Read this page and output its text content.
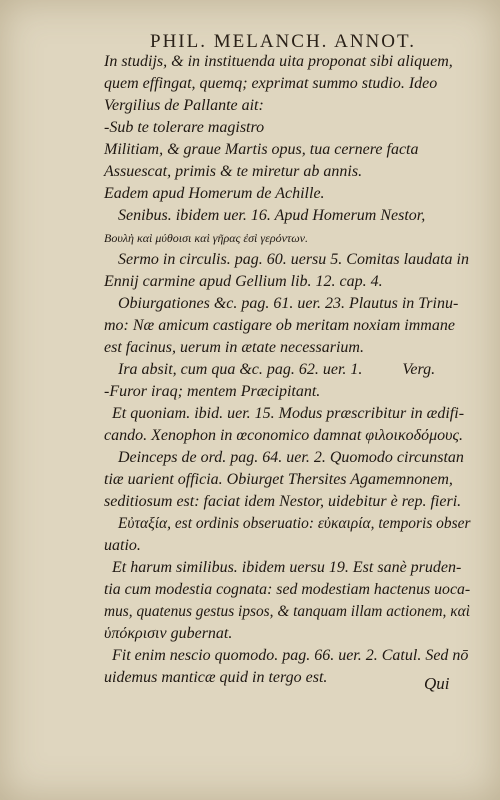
PHIL. MELANCH. ANNOT.
In studijs, & in instituenda uita proponat sibi aliquem,
quem effingat, quemq; exprimat summo studio. Ideo
Vergilius de Pallante ait:
-Sub te tolerare magistro
Militiam, & graue Martis opus, tua cernere facta
Assuescat, primis & te miretur ab annis.
Eadem apud Homerum de Achille.
Senibus. ibidem uer. 16. Apud Homerum Nestor,
Βουλὴ καὶ μύθοισι καὶ γῆρας ἐσὶ γερόντων.
Sermo in circulis. pag. 60. uersu 5. Comitas laudata in
Ennij carmine apud Gellium lib. 12. cap. 4.
Obiurgationes &c. pag. 61. uer. 23. Plautus in Trinu-
mo: Næ amicum castigare ob meritam noxiam immane
est facinus, uerum in ætate necessarium.
Ira absit, cum qua &c. pag. 62. uer. 1.          Verg.
-Furor iraq; mentem Præcipitant.
Et quoniam. ibid. uer. 15. Modus præscribitur in ædifi-
cando. Xenophon in œconomico damnat φιλοικοδόμους.
Deinceps de ord. pag. 64. uer. 2. Quomodo circunstan
tiæ uarient officia. Obiurget Thersites Agamemnonem,
seditiosum est: faciat idem Nestor, uidebitur è rep. fieri.
Εὐταξία, est ordinis obseruatio: εὐκαιρία, temporis obser
uatio.
Et harum similibus. ibidem uersu 19. Est sanè pruden-
tia cum modestia cognata: sed modestiam hactenus uoca-
mus, quatenus gestus ipsos, & tanquam illam actionem, καὶ
ὑπόκρισιν gubernat.
Fit enim nescio quomodo. pag. 66. uer. 2. Catul. Sed nō
uidemus manticæ quid in tergo est.	Qui
